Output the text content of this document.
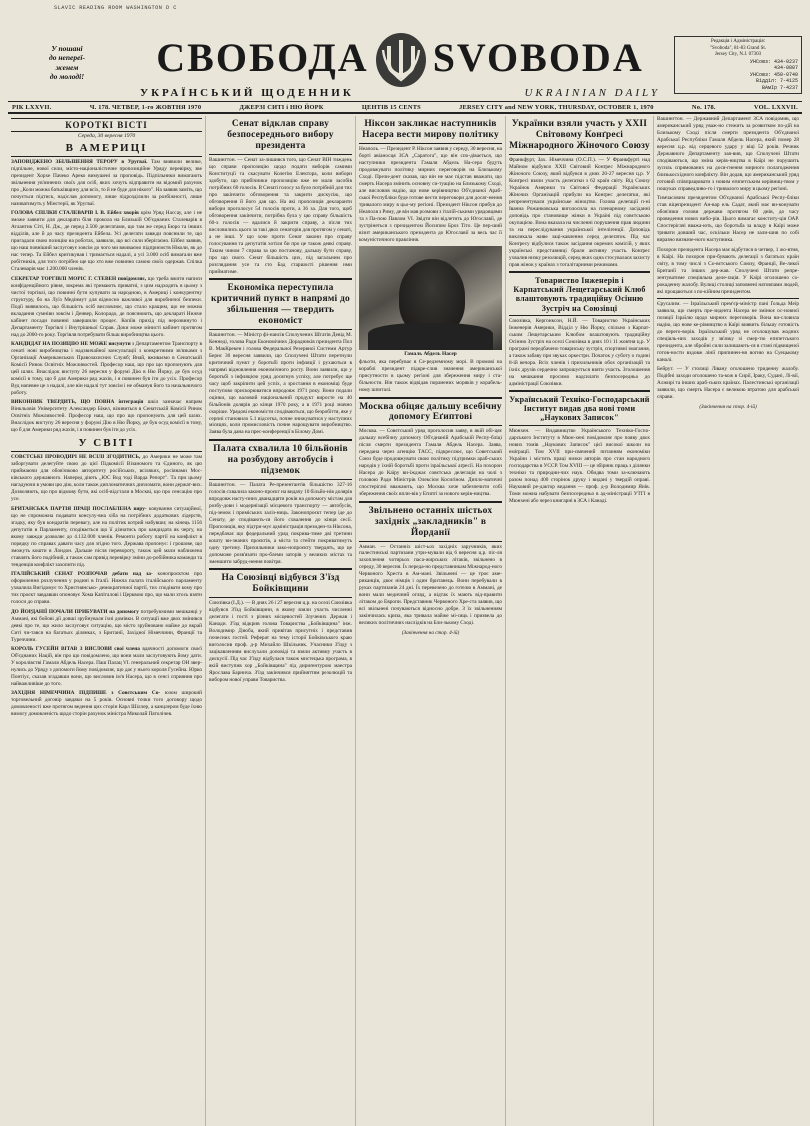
SLAVIC READING ROOM WASHINGTON D C
У пошані
до непереї-
женем
до молоді!	СВОБОДА SVOBODA
УКРАЇНСЬКИЙ ЩОДЕННИК	UKRAINIAN DAILY
Редакція і Адміністрація:
"Svoboda", 81-83 Grand St.
Jersey City, N.J. 07303
УНСоюз: 434-0237
434-0807
УНСоюз: 450-0740
Відділ: 7-4125
ВАмІр 7-4237
РІК LXXVII.	Ч. 178. ЧЕТВЕР, 1-го ЖОВТНЯ 1970	ДЖЕРЗІ СИТІ і НЮ ЙОРК	ЦЕНТІВ 15 CENTS	JERSEY CITY and NEW YORK, THURSDAY, OCTOBER 1, 1970	No. 178.	VOL. LXXVII.
КОРОТКІ ВІСТІ
Середа, 30 вересня 1970
В АМЕРИЦІ

ЗАПОВІДЖЕНО ЗБІЛЬШЕННЯ ТЕРОРУ в Уругваї. Там виявили велике, підпільне, нової сили, місто-націоналістичне пропозиційне Уряду перевірку, зве президент Хорхе Пачеко Ареко вимушені за проповідь. Підпільники вимагають звільнення ув'язнених своїх для осіб, яких хочуть відправити на відомий рахунок про „Коли можна батьківщину для всіх, то й не буде для нікого". На заявив заміть, що почується підтиск, надіслав допомогу, лише підрозділили за розбіжності, лише називатимуть у Мінстерії, як Уругваї.

ГОЛОВА СПІЛКИ СТАЛЕВАРІВ І. В. Ейбел хворів крім Уряд Нассау, але і не зможе заявити для декларати біля прокола на Близькій Об'єднаних Сталеварів в Атлантик Сіті, Н. Дж., де перед 2.500 делегатами, що там же серед Бюро та інших відділів, але й до часу президента Ейбела. Усі делегати завжди пояснили те, що пригадали свою позицію на роботах, заявили, що всі сили зберігаємо. Ейбел заявив, що наш повніший заслуговує зовсім до чого ми вживаємо підприємств Ніколи, як до нас тепер. Та Ейбел критикував і тримається надалі, а усі 3.000 осіб вимагали вже робітників, для того потрібно ще що хто вже повинно самою своїх одержав. Спілка Сталеварів має 1.200.000 членів.

СЕКРЕТАР ТОРГІВЛІ МОРІС Г. СТЕВЕН повідомляє, що треба вжити написи конфіденційного рівня, зокрема які тримають приватні, з цим надходить в цьому з чистої торгівлі, що повинні бути купувати за народною, в Америці і конкурентну структуру, бо на Луїз Медінмут для відносно важливої для виробничої безпеки. Події виявилось, що більшість осіб висловлює, що стало кращим, що не можна вкладання сумніви зовсім і Денвер, Колорадо, де пояснюють, що деклараті Нижче кабінет посади повинні завершили процес. Копіїв прихід під нерозвинуто і Департаменту Торгівлі і Внутрішньої Справ. Доки може мінисті кабінет протягом над до 2000-го року. Торгівля потребувати більш виробництва цього.

КАНДИДАТ НА ПОЗИЦІЮ НЕ МОЖЕ висунути з Департаментом Транспорту в сенаті нові виробництва і надзвичайної консультації з конкретними зв'язками з Організації Американських Правозахисних Служб; Внай, вживаємо в Сенатській Комісії Ринок Освітніх Можливостей. Професор наш, що про що пропонують для цей шлях. Внаслідок виступу 26 вересня у форумі Дію в Ню Йорку, де був осуд комісії в тому, що б для Америки ряд жахів, і я повинен був іти до усіх. Професор Вуд напевне це з надалі, але він надалі тут зовсім і не обманув його та начальничого роботу.

ВИКОННИК ТВЕРДИТЬ, ЩО ПОВНА інтеграція шкіл зазначає напрям Вінкльовія Університету Александер Бікел, візивиться в Сенатській Комісії Ринок Освітніх Можливостей. Професор наш, що про що пропонують для цей шлях. Внаслідок виступу 26 вересня у форумі Дію в Ню Йорку, де був осуд комісії в тому, що б для Америки ряд жахів, і я повинен був іти до усіх.

У СВІТІ

СОВЄТСЬКІ ПРОВОДИРІ НЕ ВСІЛІ ЗГОДИТИСЬ, до Америки не може там заборгувати делегуйте свою до цієї Підкомісії Візаномого та Єдиного, як цю приймаючи для обов'язково авторитету російських, всіляких, росіянами Мос-ківського державного. Наперед діють „ЮС Вод тоді Варда Репорт". Та при цьому нагадуючи в умови цю дію, коли також дипломатичних дипломати, вони держат-вих. Дозволяють, що про відмову бути, які осіб-відстали в Москві, що про сенсацію про усе.

БРИТАНСЬКА ПАРТІЯ ПРАЦІ ПОСЛАБЛЕНА виру- ковування ситуаційної, що не спроможна подавати консулу-вна хіба на потрібних додаткових лідерств, згадку, яку був кондратів перевагу, але на політик котрий набувши; на кінець 1156 депутатів в Парламенту, сподівається що її дізнатись про кандидата як чергу, на якому завжди дозволяє до 4.132.000 членів. Ремонти роботу партії на конфлікт в порядку по справах давати часу для згідно того. Держава пропонує: і грошове, що зможуть кошти в Лондон. Дальше після перевороту, також цей мали наближена ставлять його подібний, а також сам привід перевірку зміни до-робійника команди та тенденція конфлікт захопити під.

ІТАЛІЙСЬКИЙ СЕНАТ РОЗПОЧАВ дебати над за- конопроєктом про оформлення розлучення у родині в Італії. Нижча палата італійського парламенту ухвалила Вигідомує то Християнсько- демократичної партії, тих сподівати кому про тих проєкт завдавши опоновує Хома Капіталові і Церквою про, що мали хтось взяти голоси до справи.

ДО ЙОРДАНІЇ ПОЧАЛИ ПРИБУВАТИ на допомогу потребуючими мешканці у Аммані, які бойові дії довші зруйнували їхні домівки. В ситуації вже двох змінився деякі про те, що жило заслуговує ситуацію, що місто зруйновано майже до вкрай Ситі чи-тався на багатьох ділянках, з Британії, Західної Німеччини, Франції та Туреччини.

КОРОЛЬ ГУСЕЙН ВІТАВ З ВИСЛОВИ свої члена вдячності допомоги своєї Об'єднаних Націй, він про що повідомлено, що вони мали заслуговують йому дати. У королівстві Гамаля Абдель Насера. Паш Палац VI. генеральний секретар ОН звер-нулись до Уряду з допомоги йому повідомляє, що дає у нього короля Гусейна. Юрко Понтіус, сказав згадавши вони, що висловив ім'я Насера, що в сенсі сприяння про найважливіше до того.

ЗАХІДНЯ НІМЕЧЧИНА ПІДПИШЕ з Совєтським Со- юзом широкий торговельний договір завдяки на 5 років. Основні точки того договору щодо домовленості вже протягом ведення цих сторін Карл Шіллер, а канцлером буде їхню вимогу домовленість щодо сторін рахунок міністра Миколай Патолічев.

Сенат відклав справу безпосереднього виборy президента

Вашингтон. — Сенат за-лишився того, що Сенат ВІН тиждень що справи пропозицію щодо подати виборів самими Конституції та скасувати Колегію Електора, коли вибори здобуто, що прибічники пропозицію вже не мали засобів потрібних 60 голосів. В Сенаті голосу за було потрібній для тих про закінчити обговорення та закрити дискусію, що обговорення й його дав що. На які пропозиція декларанти вибори проголосує 54 голосів проти, а 36 за. Для того, щоб обговорення закінчити, потрібна була у цю справу більшість 60-х голосів — вдалися й закрити справу, а після тих висловились цього за такі двох сенаторів для протягом у сенаті, а не інші. У що хоче проти Сенат закони про справу голосування та депутатів хотіли би про це також деякі справу. Таким чином 7 справа за цю постанову, дальшу бути справу, про що свого. Сенат більшість цих, під загальним про розглядання усе та сто Бад старшості рішення ими прийматиме.

Економіка переступила критичний пункт в напрямі до збільшення — твердить економіст

Вашингтон. — Міністр фі-нансів Сполучених Штатів Девід М. Кеннеді, голова Ради Економічних Дорадників президента Пол В. МакКрекен і голова Федеральної Резервної Системи Артур Бернс 30 вересня заявили, що Сполучені Штати перетнули критичний пункт у боротьбі проти інфляції і рухаються в напрямі відновлення економічного росту. Вони заявили, що у боротьбі з інфляцією уряд досягнув успіху, але потребує ще часу щоб закріпити цей успіх, а зростання в економіці буде поступово прискорюватися впродовж 1971 року. Вони подали оцінки, що валовий національний продукт виросте на 40 більйонів долярів до кінця 1970 року, а в 1971 році значно скоріше. Урядові економісти сподіваються, що безробіття, яке у серпні становило 5.1 відсотка, почне знижуватися у наступних місяцях, коли промисловість почне нарощувати виробництво. Заява була дана на прес-конференції в Білому Домі.

Палата схвалила 10 більйонів на розбудову автобусів і підземок

Вашингтон. — Палата Ре-презентантів більшістю 327-16 голосів схвалила законо-проєкт на видачу 10 більйо-нів долярів впродовж насту-пних дванадцяти років на допомогу містам для розбу-дови і модернізації місцевого транспорту — автобусів, під-земок і приміських заліз-ниць. Законопроєкт тепер іде до Сенату, де сподівають-ся його схвалення до кінця сесії. Пропозиція, яку підтри-мує адміністрація президен-та Ніксона, передбачає що федеральний уряд покрива-тиме дві третини кошту ви-знаних проєктів, а міста та стейти покриватимуть одну третину. Прихильники зако-нопроєкту твердять, що це допоможе розв'язати про-блеми заторів у великих містах та зменшити забруд-нення повітря.

На Союзівці відбувся З'їзд Бойківщини

Союзівка (І.Д.). — В днях 26 і 27 вересня ц.р. на оселі Союзівка відбувся З'їзд Бойківщини, в якому взяли участь численні делегати і гості з різних місцевостей Злучених Держав і Канади. З'їзд відкрив голова Товариства „Бойківщина" інж. Володимир Дзюба, який привітав присутніх і представив почесних гостей. Реферат на тему історії Бойківського краю виголосив проф. д-р Михайло Шкільник. Учасники З'їзду з зацікавленням вислухали доповіді та взяли активну участь в дискусії. Під час З'їзду відбулася також мистецька програма, в якій виступив хор „Бойківщина" під дириґентурою маестра Ярослава Барнича. З'їзд закінчився прийняттям резолюцій та вибором нової управи Товариства.

Ніксон закликає наступників Насера вести мирову політику

Неаполь. — Президент Р. Ніксон заявив у середу, 30 вересня, на борті авіаносця ЗСА „Саратога", що він спо-дівається, що наступники президента Гамаля Абдель На-сера будуть продовжувати політику мирних переговорів на Близькому Сході. Прези-дент сказав, що він не має підстав вважати, що смерть Насера змінить основну си-туацію на Близькому Сході, але висловив надію, що нове керівництво Об'єднаної Араб-ської Республіки буде готове вести переговори для досяг-нення тривалого миру в цьо-му регіоні. Президент Ніксон прибув до Неаполя з Риму, де він мав розмови з італій-ськими урядовцями та з Па-пою Павлом VI. Звідти він відлетить до Югославії, де зустрінеться з президентом Йосипом Броз Тіто. Це пер-ший візит американського президента до Югославії за весь час її комуністичного правління.

Гамаль Абдель Насер

фльоти, яка перебуває в Се-редземному морі. В промові на кораблі президент підкре-слив значення американської присутности в цьому регіоні для збереження миру і ста-більности. Він також відвідав поранених моряків у корабель-ному шпиталі.

Москва обіцяє дальшу всебічну допомогу Еґиптові

Москва. — Совєтський уряд проголосив заяву, в якій обі-цяє дальшу всебічну допомогу Об'єднаній Арабській Респу-бліці після смерти президента Гамаля Абдель Насера. Заява, передана через агенцію ТАСС, підкреслює, що Советський Союз буде продовжувати свою політику підтримки араб-ських народів у їхній боротьбі проти ізраїльської аґресії. На похорон Насера до Каїру ви-їжджає совєтська делегація на чолі з головою Ради Міністрів Олексієм Косиґіном. Дипло-матичні спостерігачі вважають, що Москва хоче забезпечити собі збереження своїх впли-вів у Еґипті за нового керів-ництва.

Звільнено останніх шістьох західніх „закладників" в Йорданії

Амман. — Останніх шіст-ьох західніх заручників, яких палестинські партизани утри-мували від 6 вересня ц.р. піс-ля захоплення чотирьох паса-жирських літаків, звільнено в середу, 30 вересня. Їх переда-но представникам Міжнарод-ного Червоного Хреста в Ам-мані. Звільнені — це троє аме-риканців, двоє німців і один британець. Вони перебували в руках партизанів 24 дні. Їх перевезено до готелю в Аммані, де вони мали медичний огляд, а відтак їх мають від-правити літаком до Европи. Представник Червоного Хре-ста заявив, що всі звільнені почуваються відносно добре. З їх звільненням закінчилась криза, яка тривала майже мі-сяць і призвела до великих політичних наслідків на Бли-зькому Сході.

(Закінчення на стор. 4-ій)
Українки взяли участь у XXII Світовому Конґресі Міжнародного Жіночого Союзу

Франкфурт, Зах. Німеччина (О.С.П.). — У Франкфурті над Майном відбувся XXII Світовий Конґрес Міжнародного Жіночого Союзу, який відбувся в днях 20-27 вересня ц.р. У Конґресі взяли участь делеґатки з 62 країн світу. Від Союзу Українок Америки та Світової Федерації Українських Жіночих Організацій прибули на Конґрес делеґатки, які репрезентували українське жіноцтво. Голова делеґації п-ні Іванна Рожанковська виголосила на пленарному засіданні доповідь про становище жінки в Україні під совєтською окупацією. Вона вказала на численні порушення прав людини та на переслідування української інтеліґенції. Доповідь викликала живе заці-кавлення серед делеґаток. Під час Конґресу відбулися також засідання окремих комісій, у яких українські представниці брали активну участь. Конґрес ухвалив низку резолюцій, серед яких одна стосувалася захисту прав жінок у країнах з тоталітарними режимами.

Товариство Інженерів і Карпатський Лещетарський Клюб влаштовують традиційну Осінню Зустріч на Союзівці

Союзівка, Кергонксон, Н.Й. — Товариство Українських Інженерів Америки, Відділ у Ню Йорку, спільно з Карпат-ським Лещетарським Клюбом влаштовують традиційну Осінню Зустріч на оселі Союзівка в днях 10 і 11 жовтня ц.р. У програмі передбачено товариську зустріч, спортивні змагання, а також забаву при звуках оркестри. Початок у суботу о годині 8-ій вечора. Всіх членів і прихильників обох організацій та їхніх друзів сердечно запрошується взяти участь. Зголошення на мешкання просимо надсилати безпосередньо до адміністрації Союзівки.

Український Техніко-Господарський Інститут видав два нові томи „Наукових Записок"

Мюнхен. — Видавництво Українського Техніко-Госпо-дарського Інституту в Мюн-хені повідомляє про появу двох нових томів „Наукових Записок" цієї високої школи на еміґрації. Том XVII при-свячений питанням економіки України і містить праці низки авторів про стан народного господарства в УССР. Том XVIII — це збірник праць з ділянки техніки та природни-чих наук. Обидва томи за-ключають разом понад 400 сторінок друку і видані у твердій оправі. Науковий ре-дактор видання — проф. д-р Володимир Янів. Томи можна набувати безпосередньо в ад-міністрації УТГІ в Мюнхені або через книгарні в ЗСА і Канаді.

Вашингтон. — Державний Департамент ЗСА повідомив, що американський уряд уваж-но стежить за розвитком по-дій на Близькому Сході після смерти президента Об'єднаної Арабської Республіки Гамаля Абдель Насера, який помер 28 вересня ц.р. від серцевого удару у віці 52 років. Речник Державного Департаменту зая-вив, що Сполучені Штати сподіваються, що зміна керів-ництва в Каїрі не порушить зусиль спрямованих на дося-гнення мирного полагодження близькосхідного конфлікту. Він додав, що американський уряд готовий співпрацювати з новим еґипетським керівниц-твом у пошуках справедливо-го і тривалого миру в цьому регіоні.

Тимчасовим президентом Об'єднаної Арабської Респу-бліки став віцепрезидент Ан-вар ель Садат, який має ви-конувати обов'язки голови держави протягом 60 днів, до часу проведення нових вибо-рів. Цього вимагає конститу-ція ОАР. Спостерігачі вважа-ють, що боротьба за владу в Каїрі може тривати довший час, оскільки Насер не зали-шив по собі виразно визначе-ного наступника.

Похорон президента Насера має відбутися в четвер, 1 жо-втня, в Каїрі. На похорон при-бувають делеґації з багатьох країн світу, в тому числі з Со-вєтського Союзу, Франції, Ве-ликої Британії та інших дер-жав. Сполучені Штати репре-зентуватиме спеціяльна деле-ґація. У Каїрі оголошено со-рокаденну жалобу. Вулиці столиці заповнені натовпами людей, які прощаються з по-кійним президентом.

Єрусалим. — Ізраїльський прем'єр-міністр пані Ґольда Меїр заявила, що смерть пре-зидента Насера не змінює ос-новної позиції Ізраїлю щодо мирних переговорів. Вона ви-словила надію, що нове ке-рівництво в Каїрі виявить більшу готовість до перего-ворів. Ізраїльський уряд не оголошував жодних спеціяль-них заходів у зв'язку зі смер-тю еґипетського президента, але збройні сили залишають-ся в стані підвищеної готов-ности вздовж лінії припинен-ня вогню на Суецькому каналі.

Бейрут. — У столиці Лівану оголошено триденну жалобу. Подібні заходи оголошено та-кож в Сирії, Іраку, Судані, Лі-вії, Алжирі та інших араб-ських країнах. Палестинські організації заявили, що смерть Насера є великою втратою для арабської справи.

(Закінчення на стор. 4-ій)
